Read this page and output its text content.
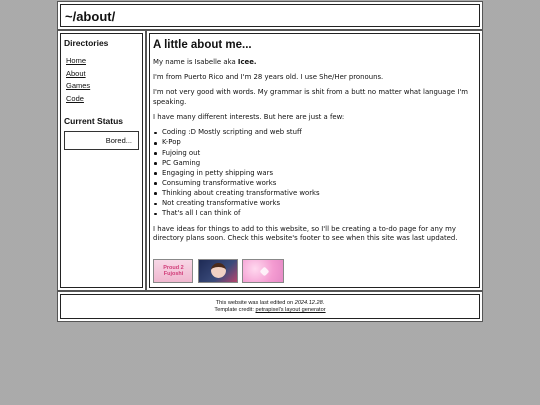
~/about/
Directories
Home
About
Games
Code
Current Status
Bored...
A little about me...

My name is Isabelle aka Icee.

I'm from Puerto Rico and I'm 28 years old. I use She/Her pronouns.

I'm not very good with words. My grammar is shit from a butt no matter what language I'm speaking.

I have many different interests. But here are just a few:

Coding :D Mostly scripting and web stuff
K-Pop
Fujoing out
PC Gaming
Engaging in petty shipping wars
Consuming transformative works
Thinking about creating transformative works
Not creating transformative works
That's all I can think of

I have ideas for things to add to this website, so I'll be creating a to-do page for any my directory plans soon. Check this website's footer to see when this site was last updated.

Proud 2 Fujoshi

This website was last edited on 2024.12.28.

Template credit: petrapixel's layout generator
